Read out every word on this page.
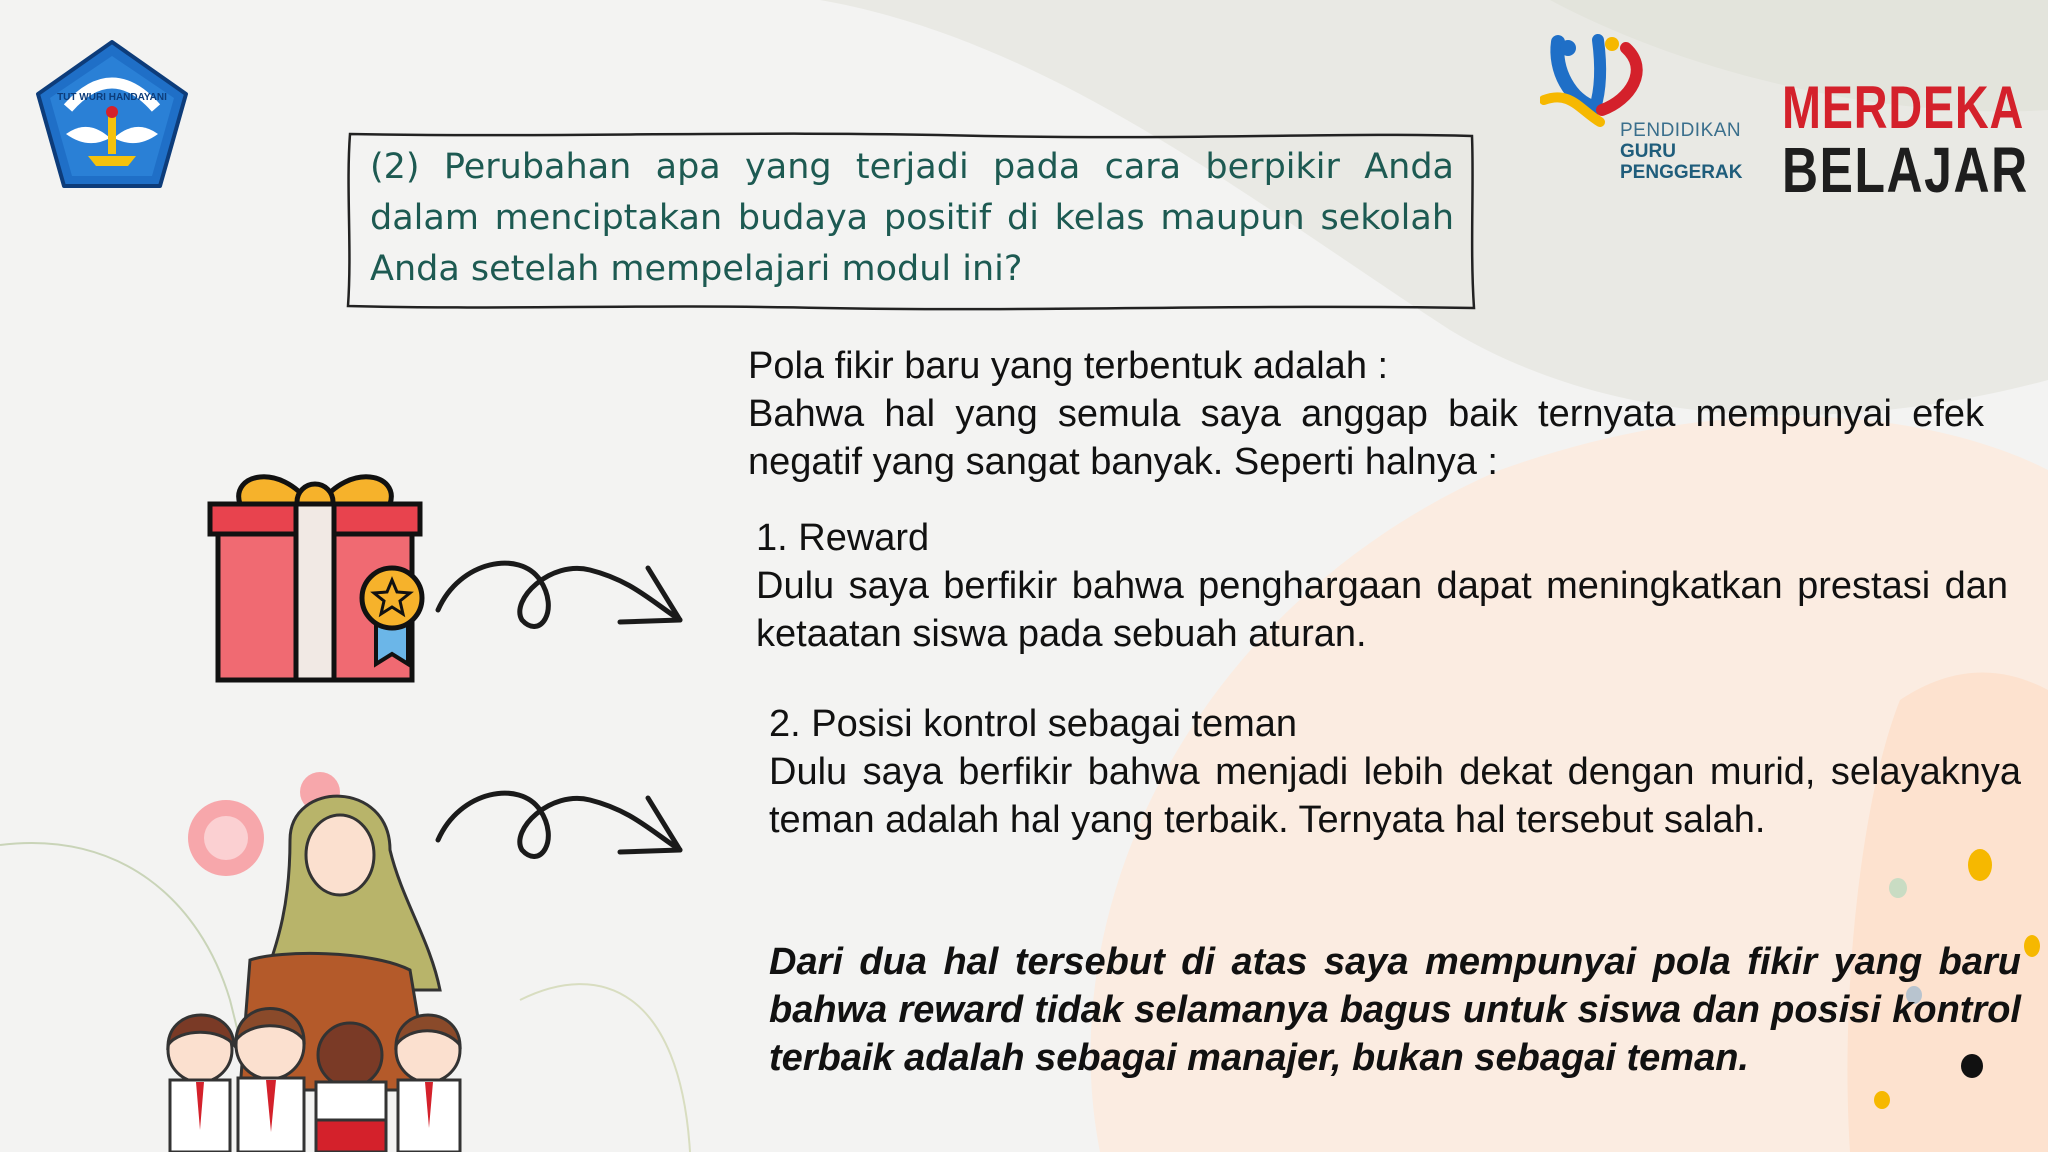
TUT WURI HANDAYANI
PENDIDIKAN
GURU
PENGGERAK
MERDEKA
BELAJAR
(2) Perubahan apa yang terjadi pada cara berpikir Anda dalam menciptakan budaya positif di kelas maupun sekolah Anda setelah mempelajari modul ini?
Pola fikir baru yang terbentuk adalah :
Bahwa hal yang semula saya anggap baik ternyata mempunyai efek negatif yang sangat banyak. Seperti halnya :
1. Reward
Dulu saya berfikir bahwa penghargaan dapat meningkatkan prestasi dan ketaatan siswa pada sebuah aturan.
2. Posisi kontrol sebagai teman
Dulu saya berfikir bahwa menjadi lebih dekat dengan murid, selayaknya teman adalah hal yang terbaik. Ternyata hal tersebut salah.
Dari dua hal tersebut di atas saya mempunyai pola fikir yang baru bahwa reward tidak selamanya bagus untuk siswa dan posisi kontrol terbaik adalah sebagai manajer, bukan sebagai teman.
